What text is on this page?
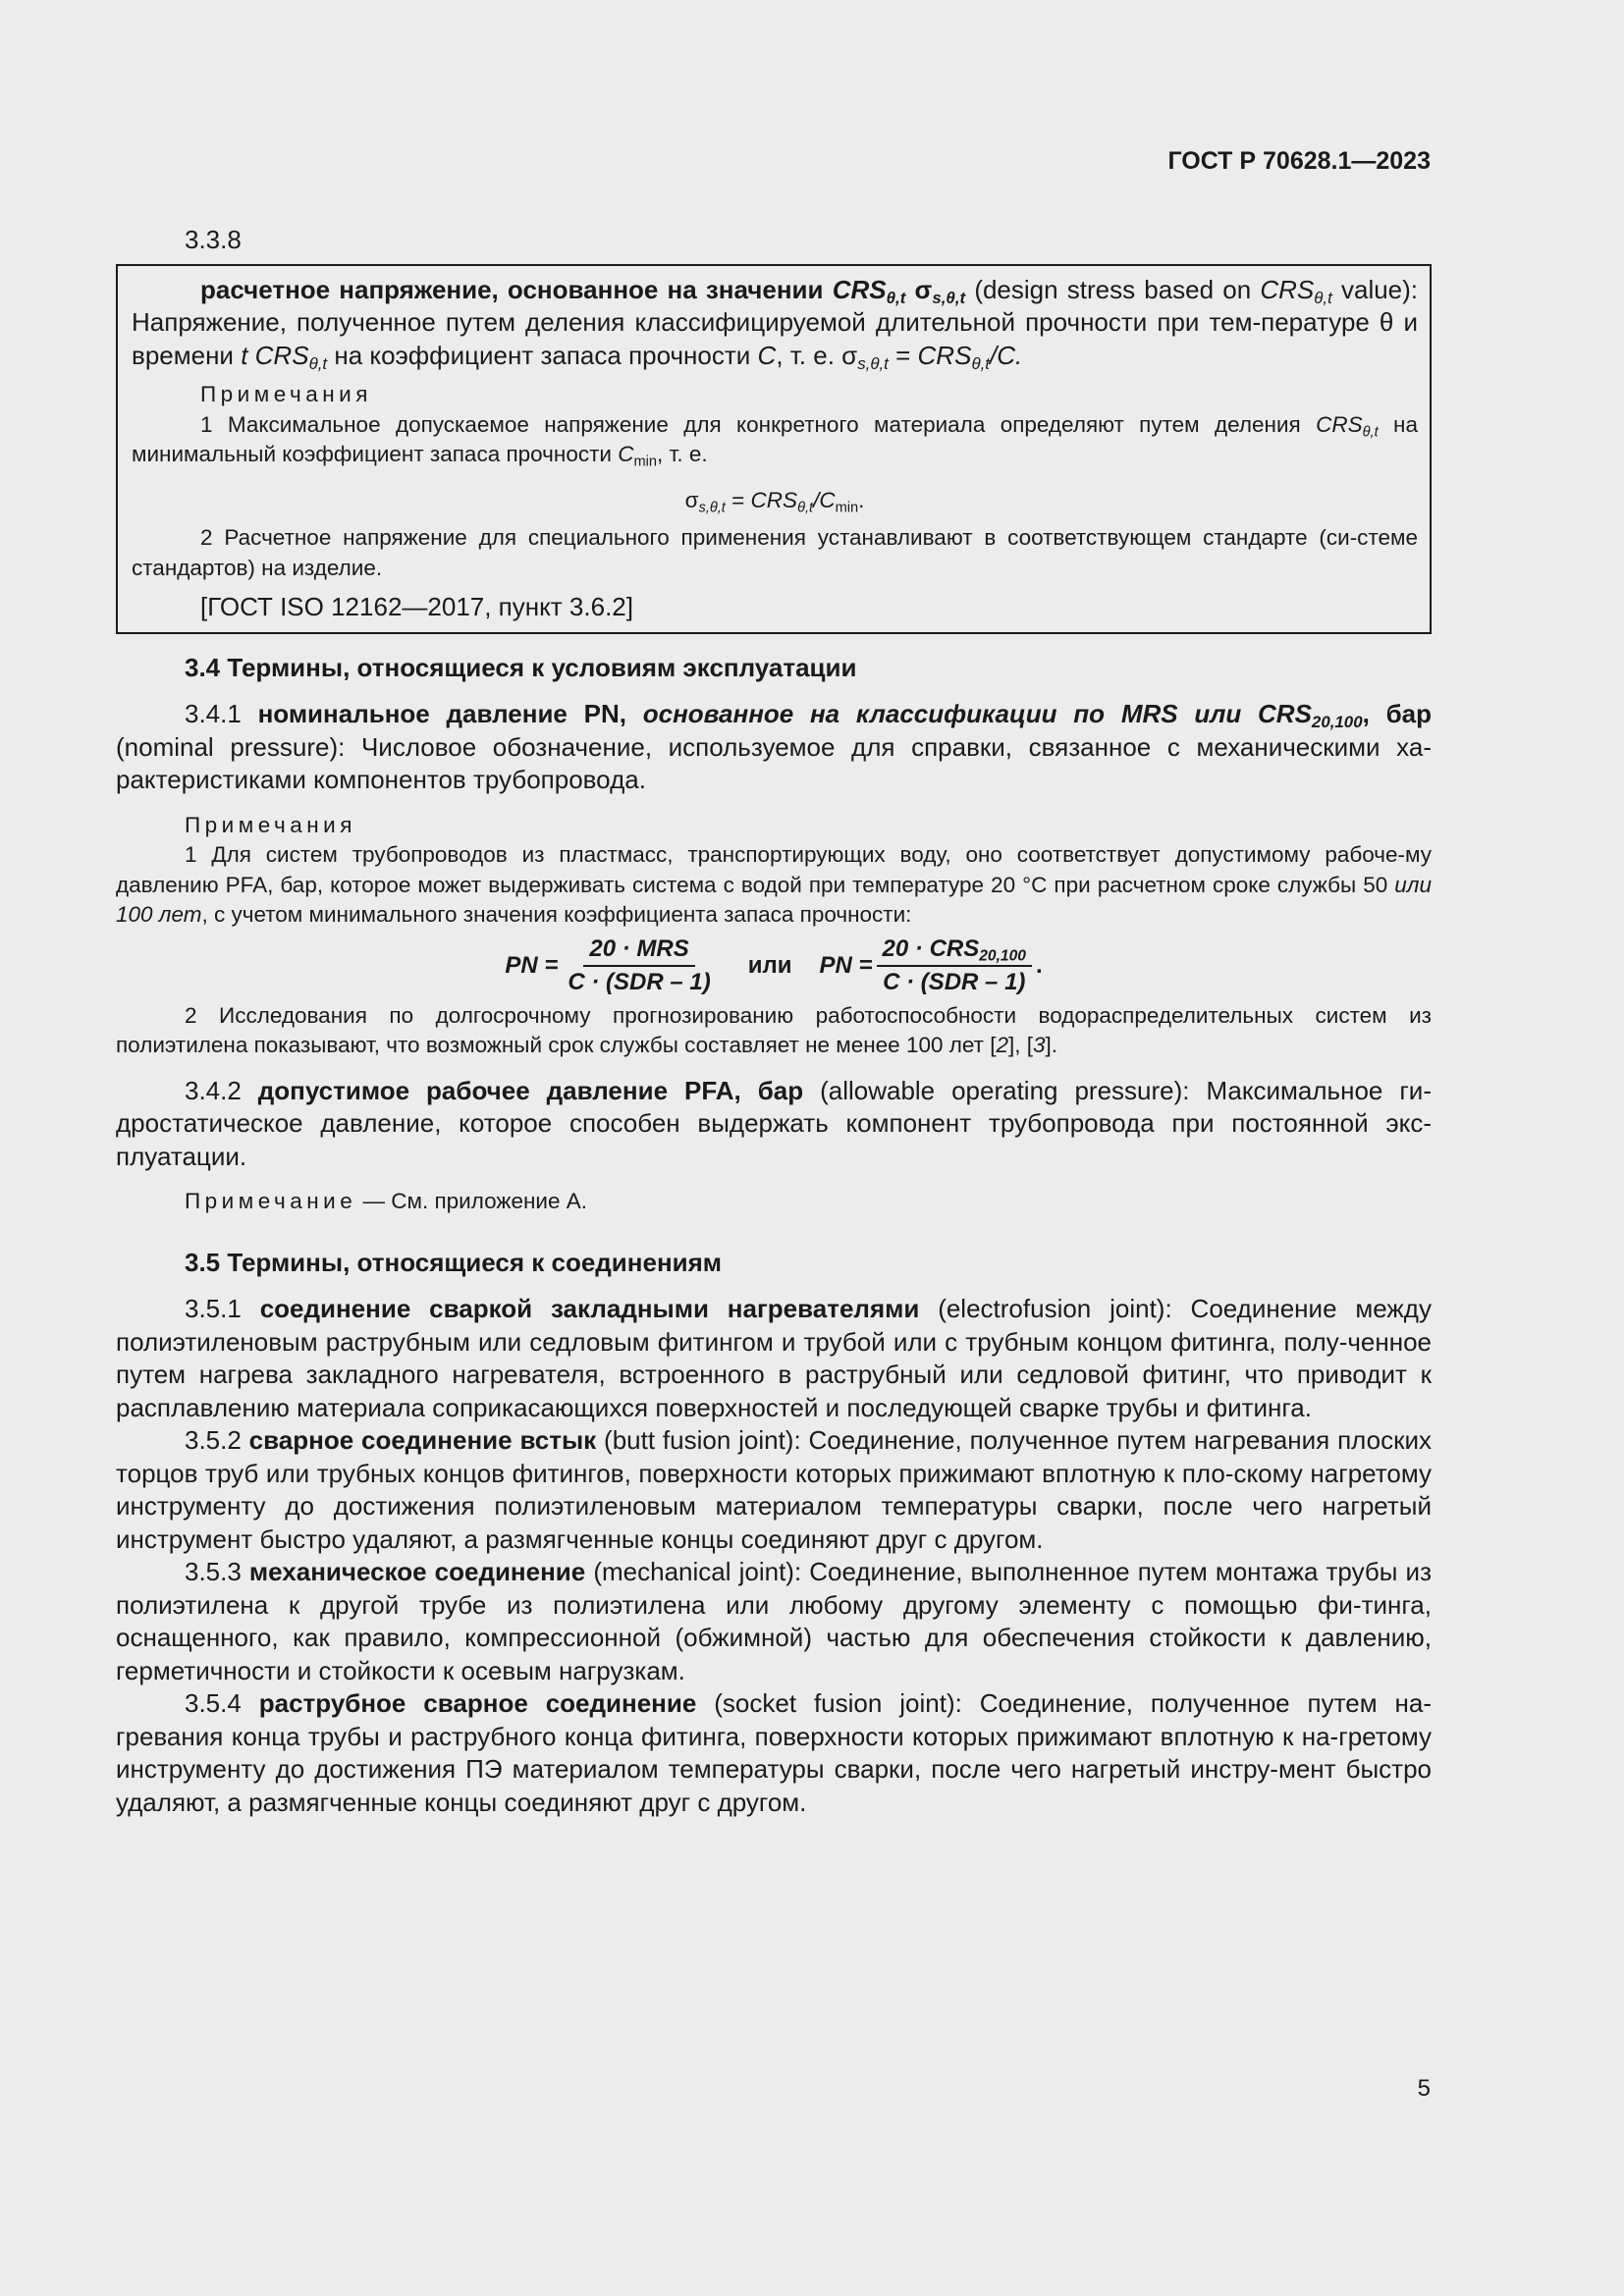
ГОСТ Р 70628.1—2023

3.3.8

расчетное напряжение, основанное на значении $CRS_{\theta,t}$ $\sigma_{s,\theta,t}$ (design stress based on $CRS_{\theta,t}$ value): Напряжение, полученное путем деления классифицируемой длительной прочности при тем-пературе θ и времени t $CRS_{\theta,t}$ на коэффициент запаса прочности C, т. е. $\sigma_{s,\theta,t} = CRS_{\theta,t}/C$.

Примечания

1 Максимальное допускаемое напряжение для конкретного материала определяют путем деления $CRS_{\theta,t}$ на минимальный коэффициент запаса прочности $C_{min}$, т. е.

$\sigma_{s,\theta,t} = CRS_{\theta,t}/C_{min}$.

2 Расчетное напряжение для специального применения устанавливают в соответствующем стандарте (си-стеме стандартов) на изделие.

[ГОСТ ISO 12162—2017, пункт 3.6.2]

3.4 Термины, относящиеся к условиям эксплуатации

3.4.1 номинальное давление PN, основанное на классификации по MRS или $CRS_{20,100}$, бар (nominal pressure): Числовое обозначение, используемое для справки, связанное с механическими ха-рактеристиками компонентов трубопровода.

Примечания

1 Для систем трубопроводов из пластмасс, транспортирующих воду, оно соответствует допустимому рабоче-му давлению PFA, бар, которое может выдерживать система с водой при температуре 20 °С при расчетном сроке службы 50 или 100 лет, с учетом минимального значения коэффициента запаса прочности:

PN = $\frac{\text{20 · MRS}}{\text{C · (SDR – 1)}}$ или PN = $\frac{20 \cdot CRS_{20,100}}{\text{C · (SDR – 1)}}$ .

2 Исследования по долгосрочному прогнозированию работоспособности водораспределительных систем из полиэтилена показывают, что возможный срок службы составляет не менее 100 лет [2], [3].

3.4.2 допустимое рабочее давление PFA, бар (allowable operating pressure): Максимальное ги-дростатическое давление, которое способен выдержать компонент трубопровода при постоянной экс-плуатации.

Примечание — См. приложение А.

3.5 Термины, относящиеся к соединениям

3.5.1 соединение сваркой закладными нагревателями (electrofusion joint): Соединение между полиэтиленовым раструбным или седловым фитингом и трубой или с трубным концом фитинга, полу-ченное путем нагрева закладного нагревателя, встроенного в раструбный или седловой фитинг, что приводит к расплавлению материала соприкасающихся поверхностей и последующей сварке трубы и фитинга.

3.5.2 сварное соединение встык (butt fusion joint): Соединение, полученное путем нагревания плоских торцов труб или трубных концов фитингов, поверхности которых прижимают вплотную к пло-скому нагретому инструменту до достижения полиэтиленовым материалом температуры сварки, после чего нагретый инструмент быстро удаляют, а размягченные концы соединяют друг с другом.

3.5.3 механическое соединение (mechanical joint): Соединение, выполненное путем монтажа трубы из полиэтилена к другой трубе из полиэтилена или любому другому элементу с помощью фи-тинга, оснащенного, как правило, компрессионной (обжимной) частью для обеспечения стойкости к давлению, герметичности и стойкости к осевым нагрузкам.

3.5.4 раструбное сварное соединение (socket fusion joint): Соединение, полученное путем на-гревания конца трубы и раструбного конца фитинга, поверхности которых прижимают вплотную к на-гретому инструменту до достижения ПЭ материалом температуры сварки, после чего нагретый инстру-мент быстро удаляют, а размягченные концы соединяют друг с другом.

5
